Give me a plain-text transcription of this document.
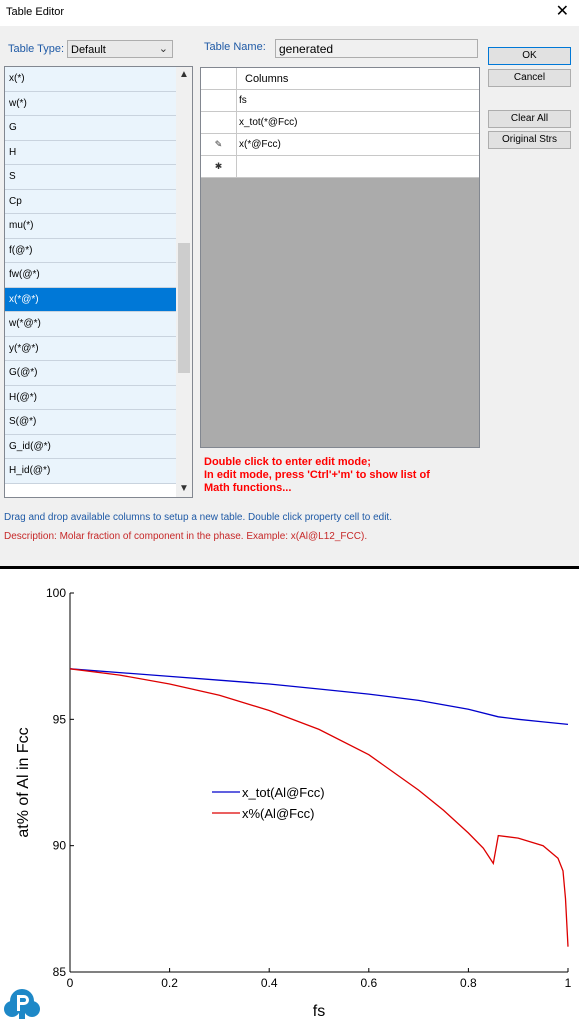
Table Editor	✕
Table Type: Default	⌄	Table Name: generated
x(*)
w(*)
G
H
S
Cp
mu(*)
f(@*)
fw(@*)
x(*@*)
w(*@*)
y(*@*)
G(@*)
H(@*)
S(@*)
G_id(@*)
H_id(@*)
▲
▼
Columns
fs
x_tot(*@Fcc)
✎	x(*@Fcc)
✱
OK
Cancel
Clear All
Original Strs
Double click to enter edit mode;
In edit mode, press 'Ctrl'+'m' to show list of
Math functions...
Drag and drop available columns to setup a new table. Double click property cell to edit.
Description: Molar fraction of component in the phase. Example: x(Al@L12_FCC).
0	0.2	0.4	0.6	0.8	1
85
90
95
100
fs
at% of Al in Fcc	x_tot(Al@Fcc)
x%(Al@Fcc)
